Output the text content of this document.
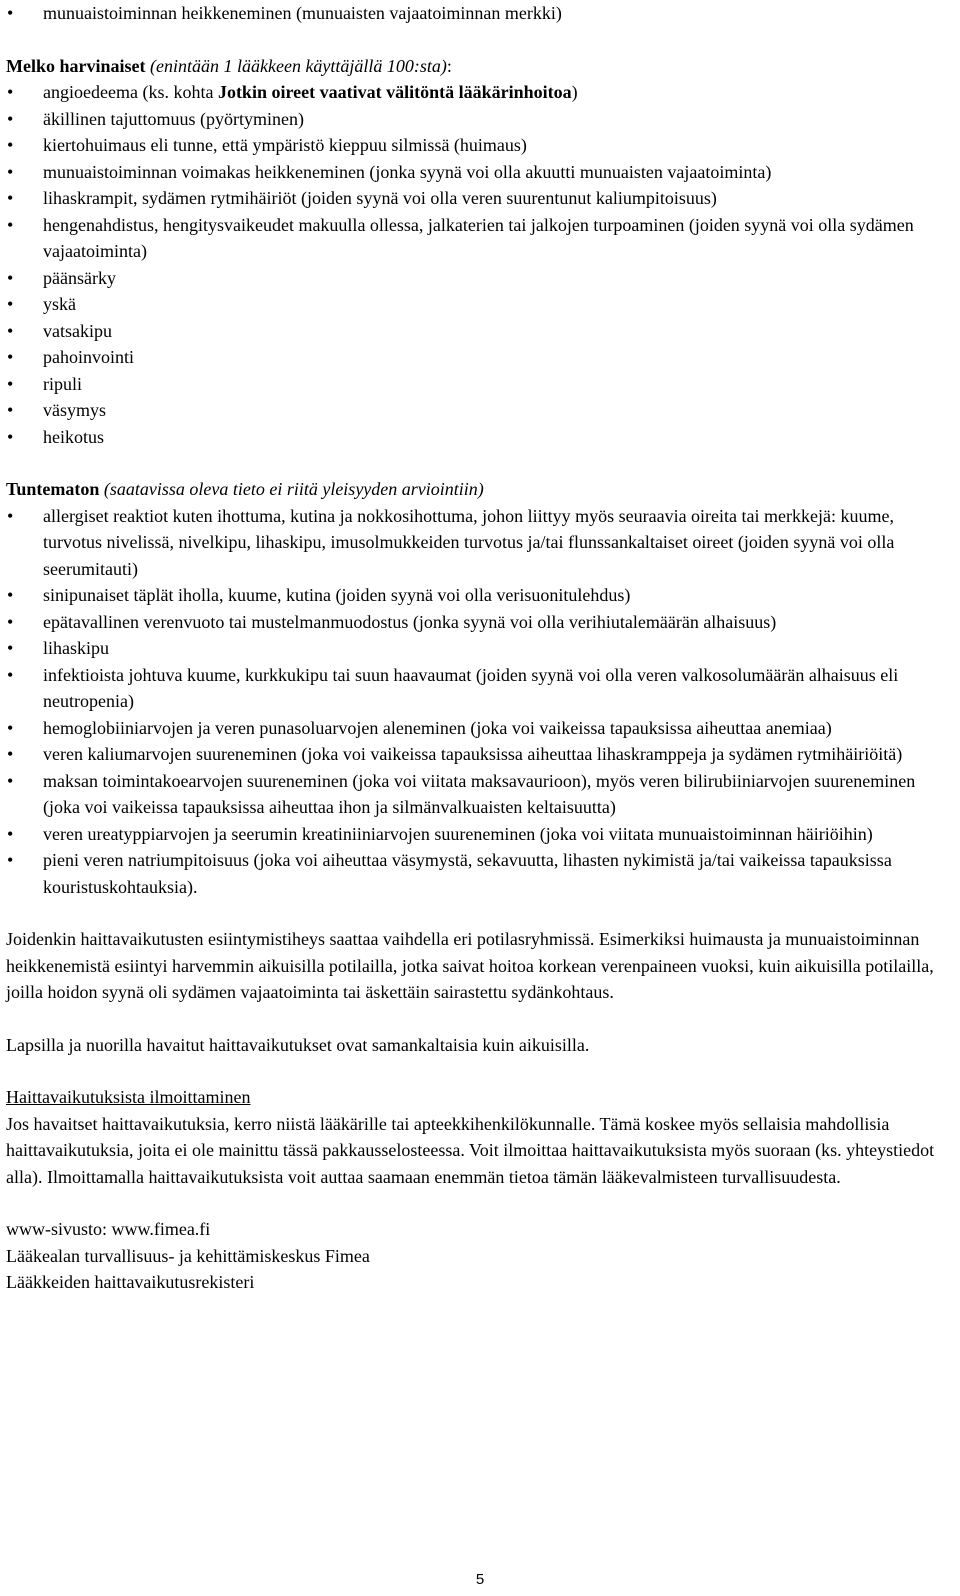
• munuaistoiminnan heikkeneminen (munuaisten vajaatoiminnan merkki)
Melko harvinaiset (enintään 1 lääkkeen käyttäjällä 100:sta):
• angioedeema (ks. kohta Jotkin oireet vaativat välitöntä lääkärinhoitoa)
• äkillinen tajuttomuus (pyörtyminen)
• kiertohuimaus eli tunne, että ympäristö kieppuu silmissä (huimaus)
• munuaistoiminnan voimakas heikkeneminen (jonka syynä voi olla akuutti munuaisten vajaatoiminta)
• lihaskrampit, sydämen rytmihäiriöt (joiden syynä voi olla veren suurentunut kaliumpitoisuus)
• hengenahdistus, hengitysvaikeudet makuulla ollessa, jalkaterien tai jalkojen turpoaminen (joiden syynä voi olla sydämen vajaatoiminta)
• päänsärky
• yskä
• vatsakipu
• pahoinvointi
• ripuli
• väsymys
• heikotus
Tuntematon (saatavissa oleva tieto ei riitä yleisyyden arviointiin)
• allergiset reaktiot kuten ihottuma, kutina ja nokkosihottuma, johon liittyy myös seuraavia oireita tai merkkejä: kuume, turvotus nivelissä, nivelkipu, lihaskipu, imusolmukkeiden turvotus ja/tai flunssankaltaiset oireet (joiden syynä voi olla seerumitauti)
• sinipunaiset täplät iholla, kuume, kutina (joiden syynä voi olla verisuonitulehdus)
• epätavallinen verenvuoto tai mustelmanmuodostus (jonka syynä voi olla verihiutalemäärän alhaisuus)
• lihaskipu
• infektioista johtuva kuume, kurkkukipu tai suun haavaumat (joiden syynä voi olla veren valkosolumäärän alhaisuus eli neutropenia)
• hemoglobiiniarvojen ja veren punasoluarvojen aleneminen (joka voi vaikeissa tapauksissa aiheuttaa anemiaa)
• veren kaliumarvojen suureneminen (joka voi vaikeissa tapauksissa aiheuttaa lihaskramppeja ja sydämen rytmihäiriöitä)
• maksan toimintakoearvojen suureneminen (joka voi viitata maksavaurioon), myös veren bilirubiiniarvojen suureneminen (joka voi vaikeissa tapauksissa aiheuttaa ihon ja silmänvalkuaisten keltaisuutta)
• veren ureatyppiarvojen ja seerumin kreatiniiniarvojen suureneminen (joka voi viitata munuaistoiminnan häiriöihin)
• pieni veren natriumpitoisuus (joka voi aiheuttaa väsymystä, sekavuutta, lihasten nykimistä ja/tai vaikeissa tapauksissa kouristuskohtauksia).

Joidenkin haittavaikutusten esiintymistiheys saattaa vaihdella eri potilasryhmissä. Esimerkiksi huimausta ja munuaistoiminnan heikkenemistä esiintyi harvemmin aikuisilla potilailla, jotka saivat hoitoa korkean verenpaineen vuoksi, kuin aikuisilla potilailla, joilla hoidon syynä oli sydämen vajaatoiminta tai äskettäin sairastettu sydänkohtaus.

Lapsilla ja nuorilla havaitut haittavaikutukset ovat samankaltaisia kuin aikuisilla.

Haittavaikutuksista ilmoittaminen

Jos havaitset haittavaikutuksia, kerro niistä lääkärille tai apteekkihenkilökunnalle. Tämä koskee myös sellaisia mahdollisia haittavaikutuksia, joita ei ole mainittu tässä pakkausselosteessa. Voit ilmoittaa haittavaikutuksista myös suoraan (ks. yhteystiedot alla). Ilmoittamalla haittavaikutuksista voit auttaa saamaan enemmän tietoa tämän lääkevalmisteen turvallisuudesta.

www-sivusto: www.fimea.fi
Lääkealan turvallisuus- ja kehittämiskeskus Fimea
Lääkkeiden haittavaikutusrekisteri
5
